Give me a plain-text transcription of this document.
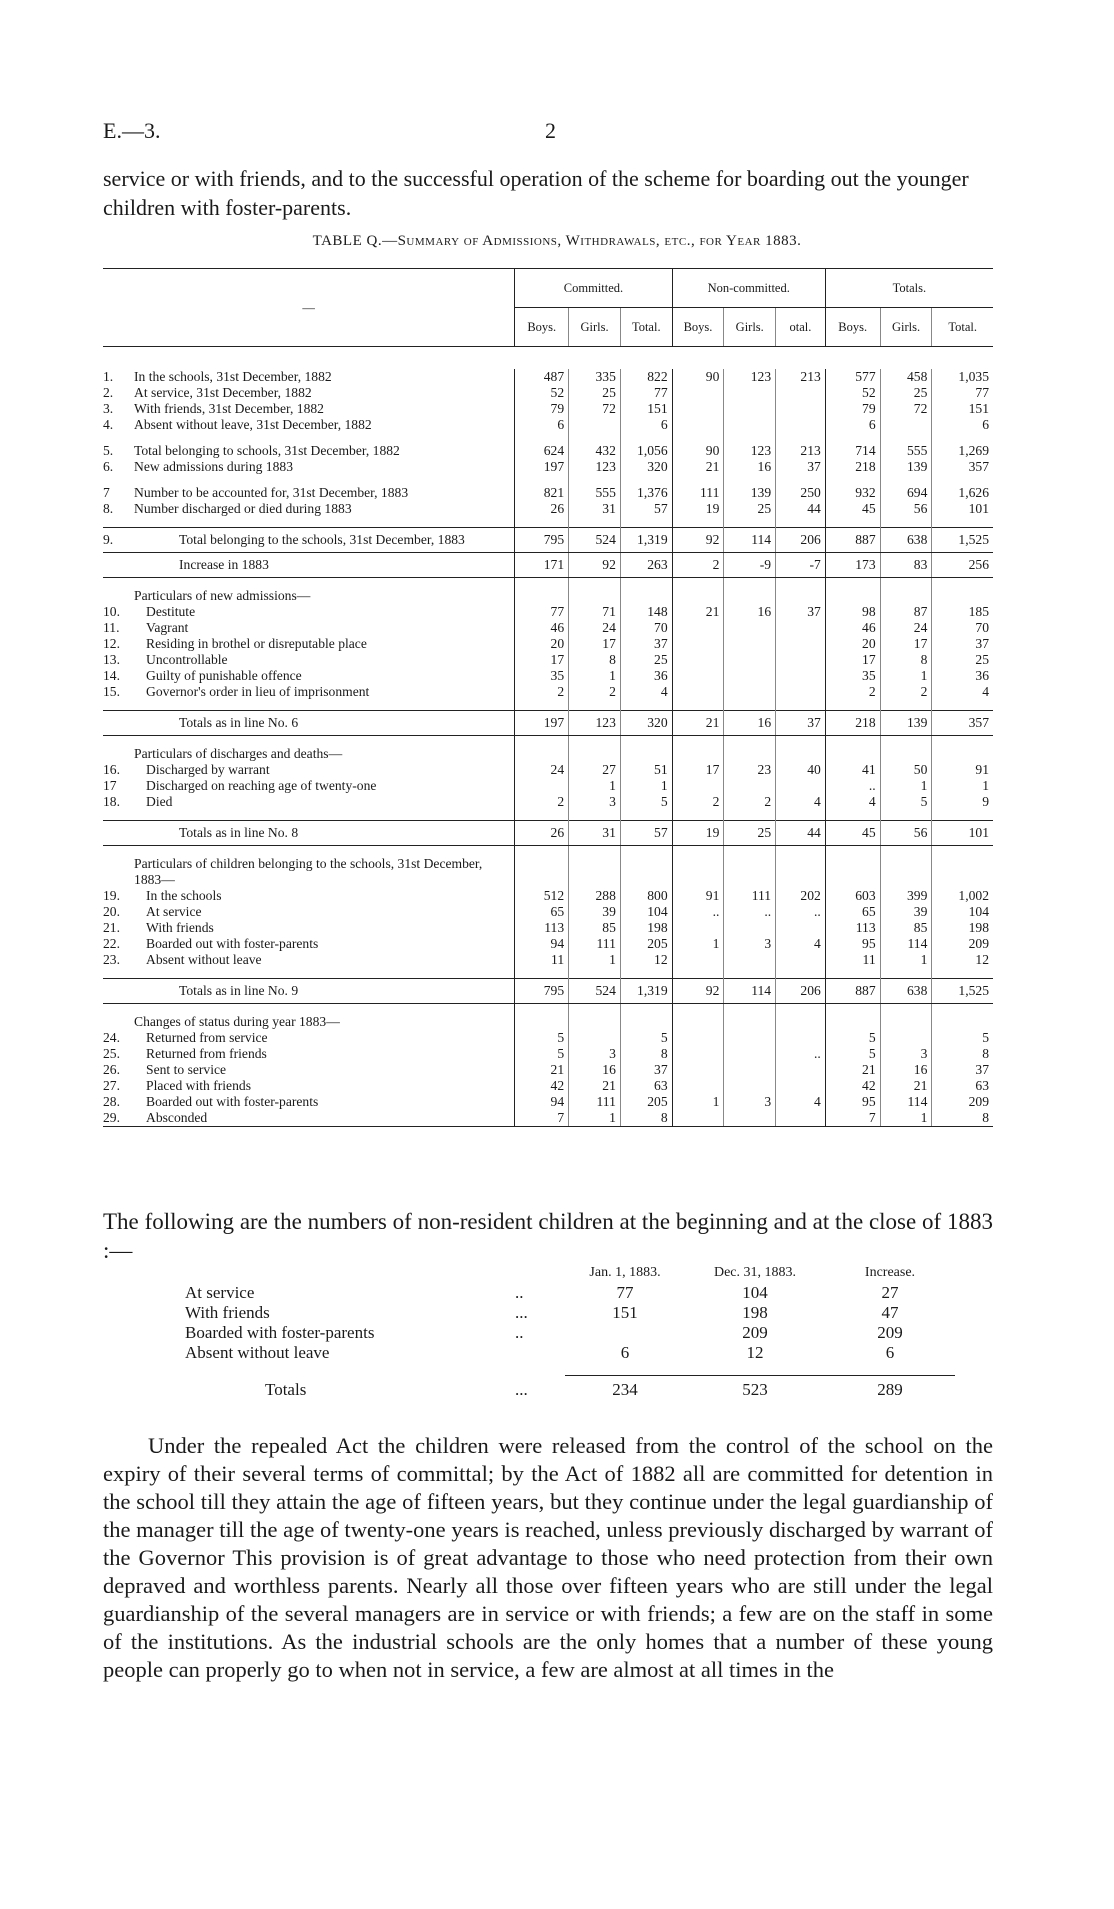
E.—3.	2
service or with friends, and to the successful operation of the scheme for boarding out the younger children with foster-parents.
TABLE Q.—Summary of Admissions, Withdrawals, etc., for Year 1883.
—		Committed.			Non-committed.			Totals.		
		Boys.	Girls.	Total.	Boys.	Girls.	otal.	Boys.	Girls.	Total.

1.	In the schools, 31st December, 1882	487	335	822	90	123	213	577	458	1,035
2.	At service, 31st December, 1882	52	25	77				52	25	77
3.	With friends, 31st December, 1882	79	72	151				79	72	151
4.	Absent without leave, 31st December, 1882	6		6				6		6

5.	Total belonging to schools, 31st December, 1882	624	432	1,056	90	123	213	714	555	1,269
6.	New admissions during 1883	197	123	320	21	16	37	218	139	357

7	Number to be accounted for, 31st December, 1883	821	555	1,376	111	139	250	932	694	1,626
8.	Number discharged or died during 1883	26	31	57	19	25	44	45	56	101

9.	Total belonging to the schools, 31st December, 1883	795	524	1,319	92	114	206	887	638	1,525
	Increase in 1883	171	92	263	2	-9	-7	173	83	256

	Particulars of new admissions—									
10.	Destitute	77	71	148	21	16	37	98	87	185
11.	Vagrant	46	24	70				46	24	70
12.	Residing in brothel or disreputable place	20	17	37				20	17	37
13.	Uncontrollable	17	8	25				17	8	25
14.	Guilty of punishable offence	35	1	36				35	1	36
15.	Governor's order in lieu of imprisonment	2	2	4				2	2	4

	Totals as in line No. 6	197	123	320	21	16	37	218	139	357

	Particulars of discharges and deaths—									
16.	Discharged by warrant	24	27	51	17	23	40	41	50	91
17	Discharged on reaching age of twenty-one		1	1				..	1	1
18.	Died	2	3	5	2	2	4	4	5	9

	Totals as in line No. 8	26	31	57	19	25	44	45	56	101

	Particulars of children belonging to the schools, 31st December, 1883—									
19.	In the schools	512	288	800	91	111	202	603	399	1,002
20.	At service	65	39	104	..	..	..	65	39	104
21.	With friends	113	85	198				113	85	198
22.	Boarded out with foster-parents	94	111	205	1	3	4	95	114	209
23.	Absent without leave	11	1	12				11	1	12

	Totals as in line No. 9	795	524	1,319	92	114	206	887	638	1,525

	Changes of status during year 1883—									
24.	Returned from service	5		5				5		5
25.	Returned from friends	5	3	8			..	5	3	8
26.	Sent to service	21	16	37				21	16	37
27.	Placed with friends	42	21	63				42	21	63
28.	Boarded out with foster-parents	94	111	205	1	3	4	95	114	209
29.	Absconded	7	1	8				7	1	8
The following are the numbers of non-resident children at the beginning and at the close of 1883 :—
		Jan. 1, 1883.	Dec. 31, 1883.	Increase.
At service	..	77	104	27
With friends	...	151	198	47
Boarded with foster-parents	..		209	209
Absent without leave		6	12	6

Totals	...	234	523	289
Under the repealed Act the children were released from the control of the school on the expiry of their several terms of committal; by the Act of 1882 all are committed for detention in the school till they attain the age of fifteen years, but they continue under the legal guardianship of the manager till the age of twenty-one years is reached, unless previously discharged by warrant of the Governor This provision is of great advantage to those who need protection from their own depraved and worthless parents. Nearly all those over fifteen years who are still under the legal guardianship of the several managers are in service or with friends; a few are on the staff in some of the institutions. As the industrial schools are the only homes that a number of these young people can properly go to when not in service, a few are almost at all times in the
